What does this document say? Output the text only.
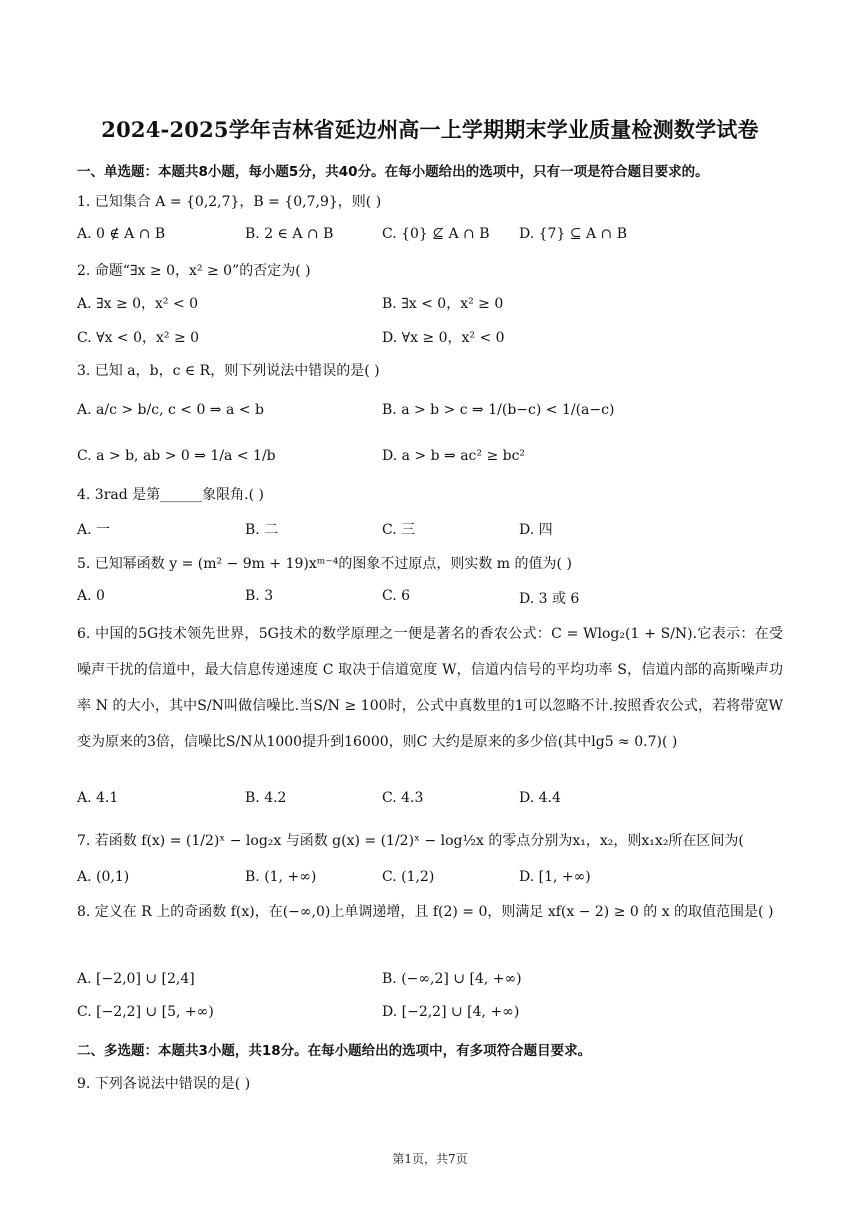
2024-2025学年吉林省延边州高一上学期期末学业质量检测数学试卷
一、单选题：本题共8小题，每小题5分，共40分。在每小题给出的选项中，只有一项是符合题目要求的。
1. 已知集合 A = {0,2,7}，B = {0,7,9}，则( )
A. 0 ∉ A ∩ B	B. 2 ∈ A ∩ B	C. {0} ⊈ A ∩ B D. {7} ⊆ A ∩ B
2. 命题“∃x ≥ 0，x² ≥ 0”的否定为( )
A. ∃x ≥ 0，x² < 0	B. ∃x < 0，x² ≥ 0
C. ∀x < 0，x² ≥ 0	D. ∀x ≥ 0，x² < 0
3. 已知 a，b，c ∈ R，则下列说法中错误的是( )
A. a/c > b/c, c < 0 ⇒ a < b	B. a > b > c ⇒ 1/(b−c) < 1/(a−c)
C. a > b, ab > 0 ⇒ 1/a < 1/b	D. a > b ⇒ ac² ≥ bc²
4. 3rad 是第______象限角.( )
A. 一	B. 二	C. 三	D. 四
5. 已知幂函数 y = (m² − 9m + 19)xᵐ⁻⁴的图象不过原点，则实数 m 的值为( )
A. 0	B. 3	C. 6	D. 3 或 6
6. 中国的5G技术领先世界，5G技术的数学原理之一便是著名的香农公式：C = Wlog₂(1 + S/N).它表示：在受噪声干扰的信道中，最大信息传递速度 C 取决于信道宽度 W，信道内信号的平均功率 S，信道内部的高斯噪声功率 N 的大小，其中S/N叫做信噪比.当S/N ≥ 100时，公式中真数里的1可以忽略不计.按照香农公式，若将带宽W 变为原来的3倍，信噪比S/N从1000提升到16000，则C 大约是原来的多少倍(其中lg5 ≈ 0.7)( )
A. 4.1	B. 4.2	C. 4.3	D. 4.4
7. 若函数 f(x) = (1/2)ˣ − log₂x 与函数 g(x) = (1/2)ˣ − log½x 的零点分别为x₁，x₂，则x₁x₂所在区间为(
A. (0,1)	B. (1, +∞)	C. (1,2)	D. [1, +∞)
8. 定义在 R 上的奇函数 f(x)，在(−∞,0)上单调递增，且 f(2) = 0，则满足 xf(x − 2) ≥ 0 的 x 的取值范围是( )
A. [−2,0] ∪ [2,4]	B. (−∞,2] ∪ [4, +∞)
C. [−2,2] ∪ [5, +∞)	D. [−2,2] ∪ [4, +∞)
二、多选题：本题共3小题，共18分。在每小题给出的选项中，有多项符合题目要求。
9. 下列各说法中错误的是( )
第1页，共7页
